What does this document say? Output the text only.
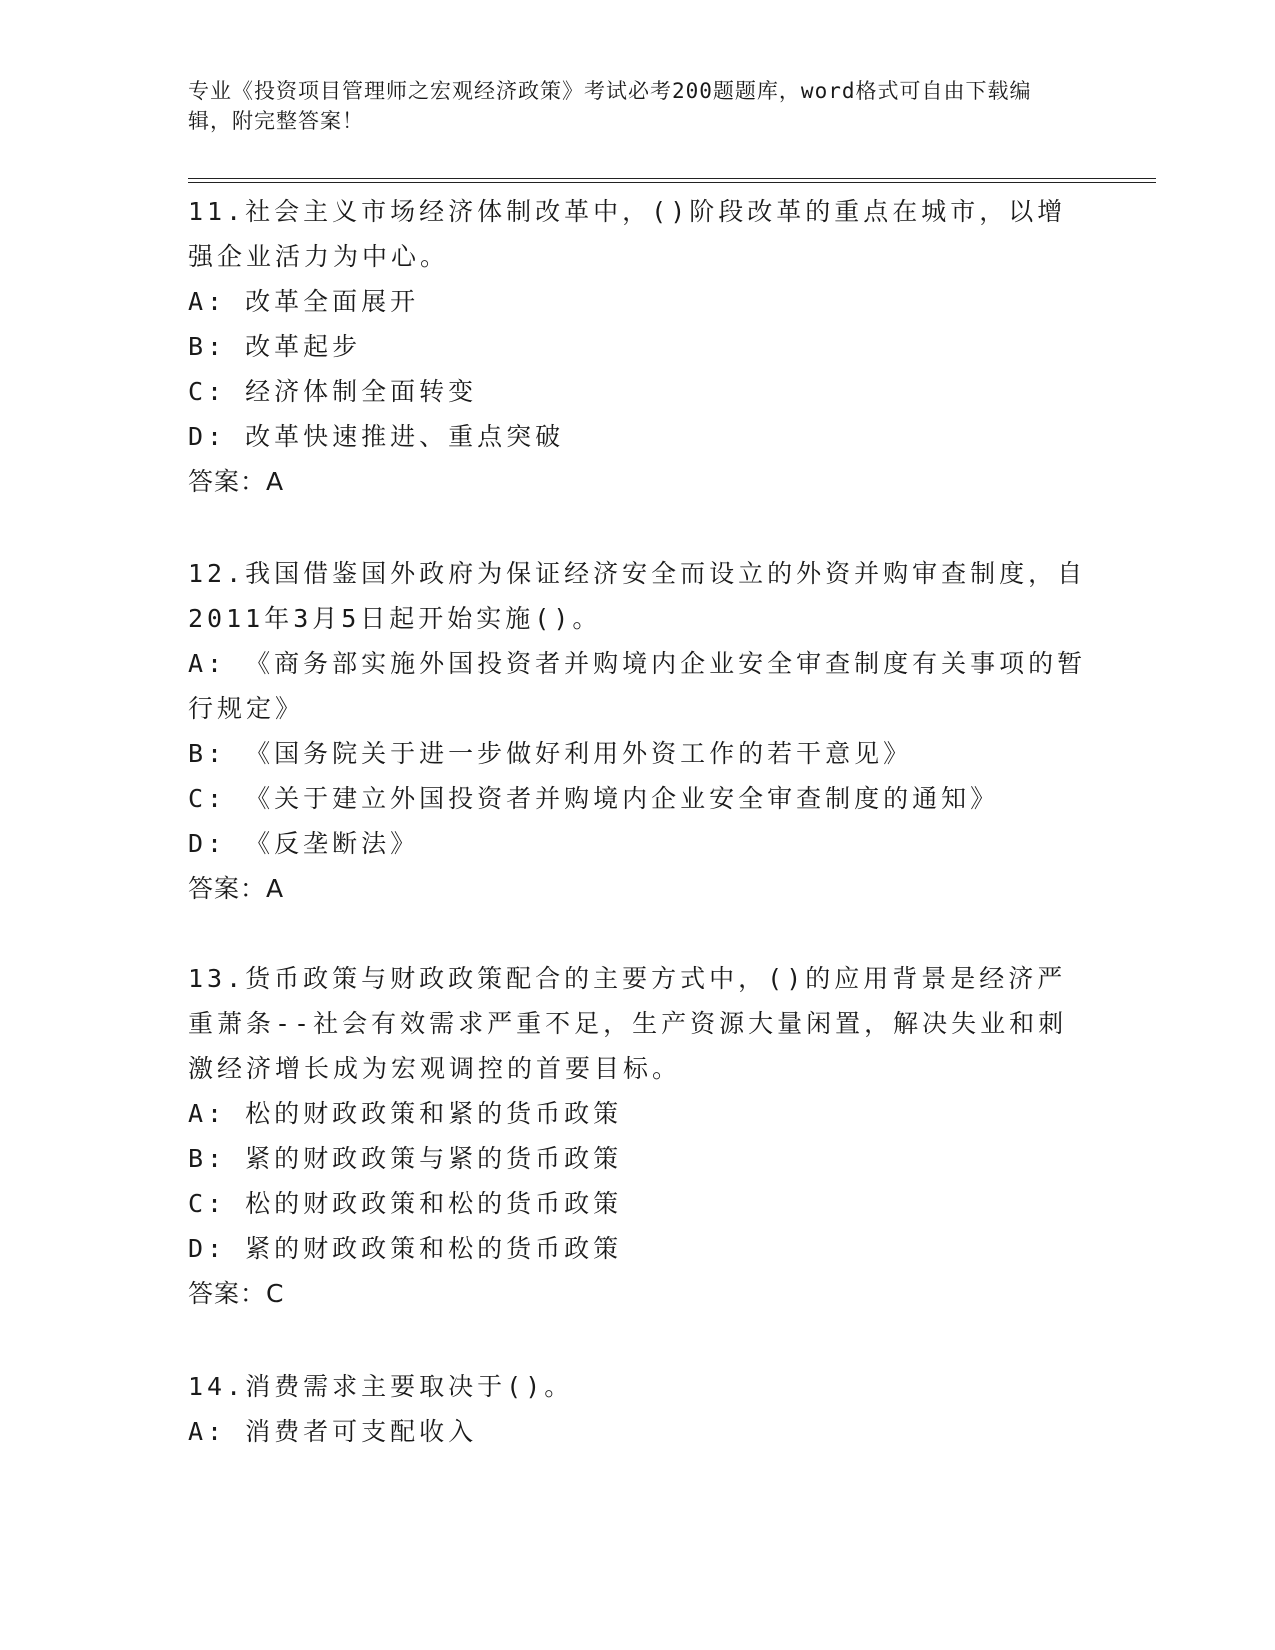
专业《投资项目管理师之宏观经济政策》考试必考200题题库，word格式可自由下载编辑，附完整答案！

11.社会主义市场经济体制改革中，()阶段改革的重点在城市，以增强企业活力为中心。

A: 改革全面展开

B: 改革起步

C: 经济体制全面转变

D: 改革快速推进、重点突破

答案：A

12.我国借鉴国外政府为保证经济安全而设立的外资并购审查制度，自2011年3月5日起开始实施()。

A: 《商务部实施外国投资者并购境内企业安全审查制度有关事项的暂行规定》

B: 《国务院关于进一步做好利用外资工作的若干意见》

C: 《关于建立外国投资者并购境内企业安全审查制度的通知》

D: 《反垄断法》

答案：A

13.货币政策与财政政策配合的主要方式中，()的应用背景是经济严重萧条--社会有效需求严重不足，生产资源大量闲置，解决失业和刺激经济增长成为宏观调控的首要目标。

A: 松的财政政策和紧的货币政策

B: 紧的财政政策与紧的货币政策

C: 松的财政政策和松的货币政策

D: 紧的财政政策和松的货币政策

答案：C

14.消费需求主要取决于()。

A: 消费者可支配收入
